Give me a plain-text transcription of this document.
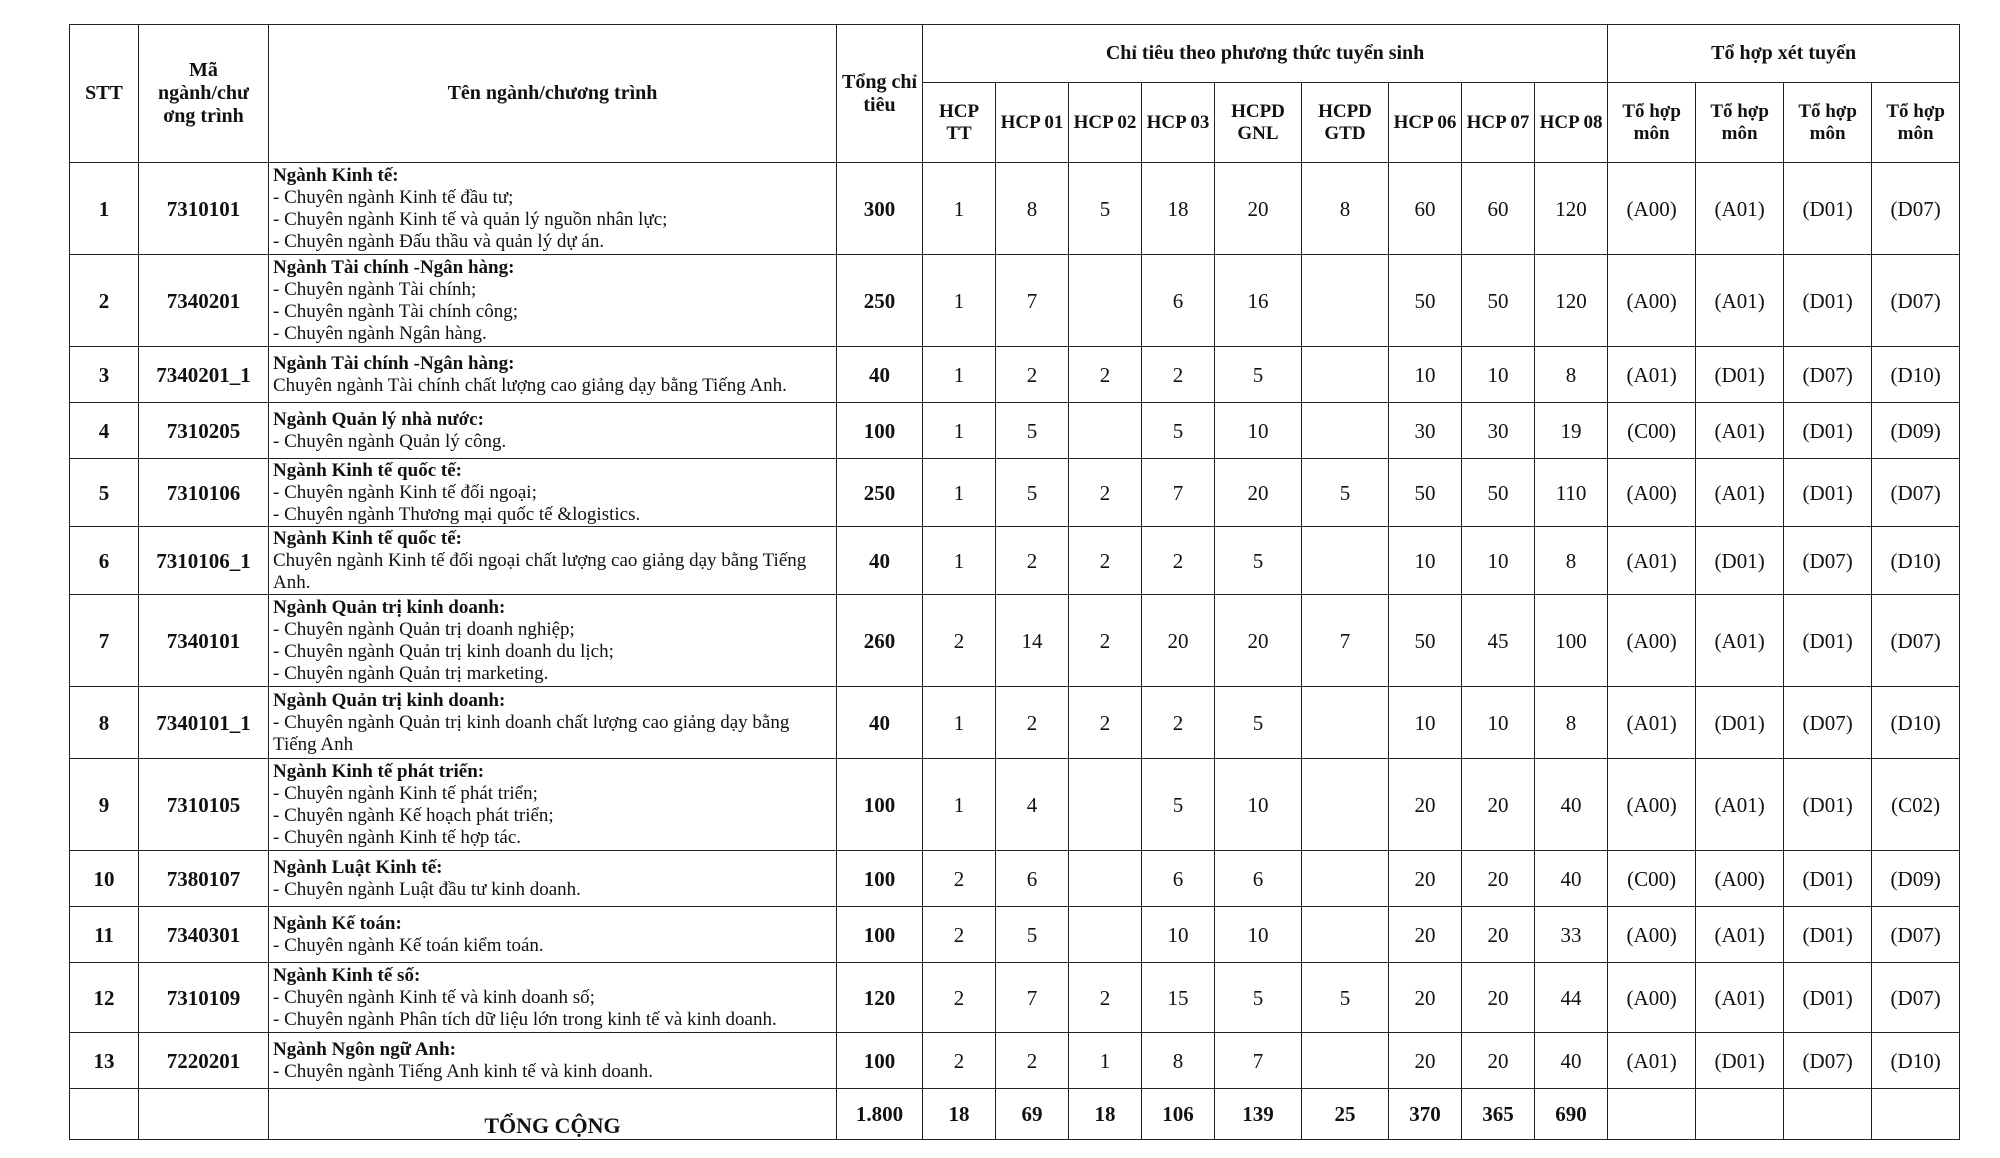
STT	Mã ngành/chư ơng trình	Tên ngành/chương trình	Tổng chỉ tiêu	Chỉ tiêu theo phương thức tuyển sinh									Tổ hợp xét tuyển			
				HCP TT	HCP 01	HCP 02	HCP 03	HCPD GNL	HCPD GTD	HCP 06	HCP 07	HCP 08	Tổ hợp môn	Tổ hợp môn	Tổ hợp môn	Tổ hợp môn
1	7310101	Ngành Kinh tế:
- Chuyên ngành Kinh tế đầu tư;
- Chuyên ngành Kinh tế và quản lý nguồn nhân lực;
- Chuyên ngành Đấu thầu và quản lý dự án.	300	1	8	5	18	20	8	60	60	120	(A00)	(A01)	(D01)	(D07)
2	7340201	Ngành Tài chính -Ngân hàng:
- Chuyên ngành Tài chính;
- Chuyên ngành Tài chính công;
- Chuyên ngành Ngân hàng.	250	1	7		6	16		50	50	120	(A00)	(A01)	(D01)	(D07)
3	7340201_1	Ngành Tài chính -Ngân hàng:
Chuyên ngành Tài chính chất lượng cao giảng dạy bằng Tiếng Anh.	40	1	2	2	2	5		10	10	8	(A01)	(D01)	(D07)	(D10)
4	7310205	Ngành Quản lý nhà nước:
- Chuyên ngành Quản lý công.	100	1	5		5	10		30	30	19	(C00)	(A01)	(D01)	(D09)
5	7310106	Ngành Kinh tế quốc tế:
- Chuyên ngành Kinh tế đối ngoại;
- Chuyên ngành Thương mại quốc tế &logistics.	250	1	5	2	7	20	5	50	50	110	(A00)	(A01)	(D01)	(D07)
6	7310106_1	Ngành Kinh tế quốc tế:
Chuyên ngành Kinh tế đối ngoại chất lượng cao giảng dạy bằng Tiếng Anh.	40	1	2	2	2	5		10	10	8	(A01)	(D01)	(D07)	(D10)
7	7340101	Ngành Quản trị kinh doanh:
- Chuyên ngành Quản trị doanh nghiệp;
- Chuyên ngành Quản trị kinh doanh du lịch;
- Chuyên ngành Quản trị marketing.	260	2	14	2	20	20	7	50	45	100	(A00)	(A01)	(D01)	(D07)
8	7340101_1	Ngành Quản trị kinh doanh:
- Chuyên ngành Quản trị kinh doanh chất lượng cao giảng dạy bằng Tiếng Anh	40	1	2	2	2	5		10	10	8	(A01)	(D01)	(D07)	(D10)
9	7310105	Ngành Kinh tế phát triển:
- Chuyên ngành Kinh tế phát triển;
- Chuyên ngành Kế hoạch phát triển;
- Chuyên ngành Kinh tế hợp tác.	100	1	4		5	10		20	20	40	(A00)	(A01)	(D01)	(C02)
10	7380107	Ngành Luật Kinh tế:
- Chuyên ngành Luật đầu tư kinh doanh.	100	2	6		6	6		20	20	40	(C00)	(A00)	(D01)	(D09)
11	7340301	Ngành Kế toán:
- Chuyên ngành Kế toán kiểm toán.	100	2	5		10	10		20	20	33	(A00)	(A01)	(D01)	(D07)
12	7310109	Ngành Kinh tế số:
- Chuyên ngành Kinh tế và kinh doanh số;
- Chuyên ngành Phân tích dữ liệu lớn trong kinh tế và kinh doanh.	120	2	7	2	15	5	5	20	20	44	(A00)	(A01)	(D01)	(D07)
13	7220201	Ngành Ngôn ngữ Anh:
- Chuyên ngành Tiếng Anh kinh tế và kinh doanh.	100	2	2	1	8	7		20	20	40	(A01)	(D01)	(D07)	(D10)

		TỔNG CỘNG	1.800	18	69	18	106	139	25	370	365	690				
